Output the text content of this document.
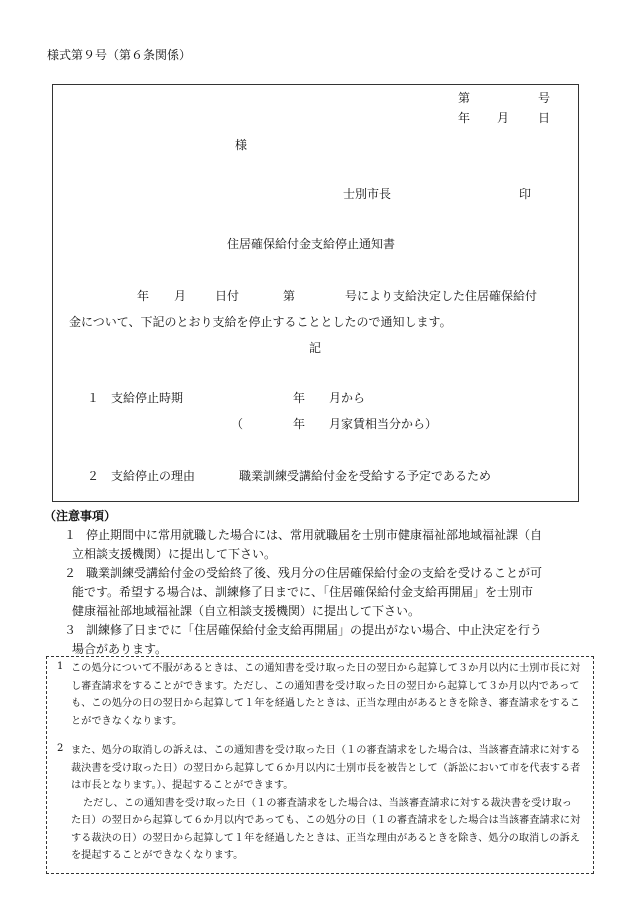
様式第９号（第６条関係）
第	号
年 月 日
様
士別市長	印
住居確保給付金支給停止通知書
年 月 日付	第	号により支給決定した住居確保給付
金について、下記のとおり支給を停止することとしたので通知します。
記
１ 支給停止時期	年 月から
（	年 月家賃相当分から）
２ 支給停止の理由	職業訓練受講給付金を受給する予定であるため
（注意事項）
１ 停止期間中に常用就職した場合には、常用就職届を士別市健康福祉部地域福祉課（自
立相談支援機関）に提出して下さい。
２ 職業訓練受講給付金の受給終了後、残月分の住居確保給付金の支給を受けることが可
能です。希望する場合は、訓練修了日までに、「住居確保給付金支給再開届」を士別市
健康福祉部地域福祉課（自立相談支援機関）に提出して下さい。
３ 訓練修了日までに「住居確保給付金支給再開届」の提出がない場合、中止決定を行う
場合があります。
1 この処分について不服があるときは、この通知書を受け取った日の翌日から起算して３か月以内に士別市長に対し審査請求をすることができます。ただし、この通知書を受け取った日の翌日から起算して３か月以内であっても、この処分の日の翌日から起算して１年を経過したときは、正当な理由があるときを除き、審査請求をすることができなくなります。
2 また、処分の取消しの訴えは、この通知書を受け取った日（１の審査請求をした場合は、当該審査請求に対する裁決書を受け取った日）の翌日から起算して６か月以内に士別市長を被告として（訴訟において市を代表する者は市長となります。）、提起することができます。
ただし、この通知書を受け取った日（１の審査請求をした場合は、当該審査請求に対する裁決書を受け取った日）の翌日から起算して６か月以内であっても、この処分の日（１の審査請求をした場合は当該審査請求に対する裁決の日）の翌日から起算して１年を経過したときは、正当な理由があるときを除き、処分の取消しの訴えを提起することができなくなります。
